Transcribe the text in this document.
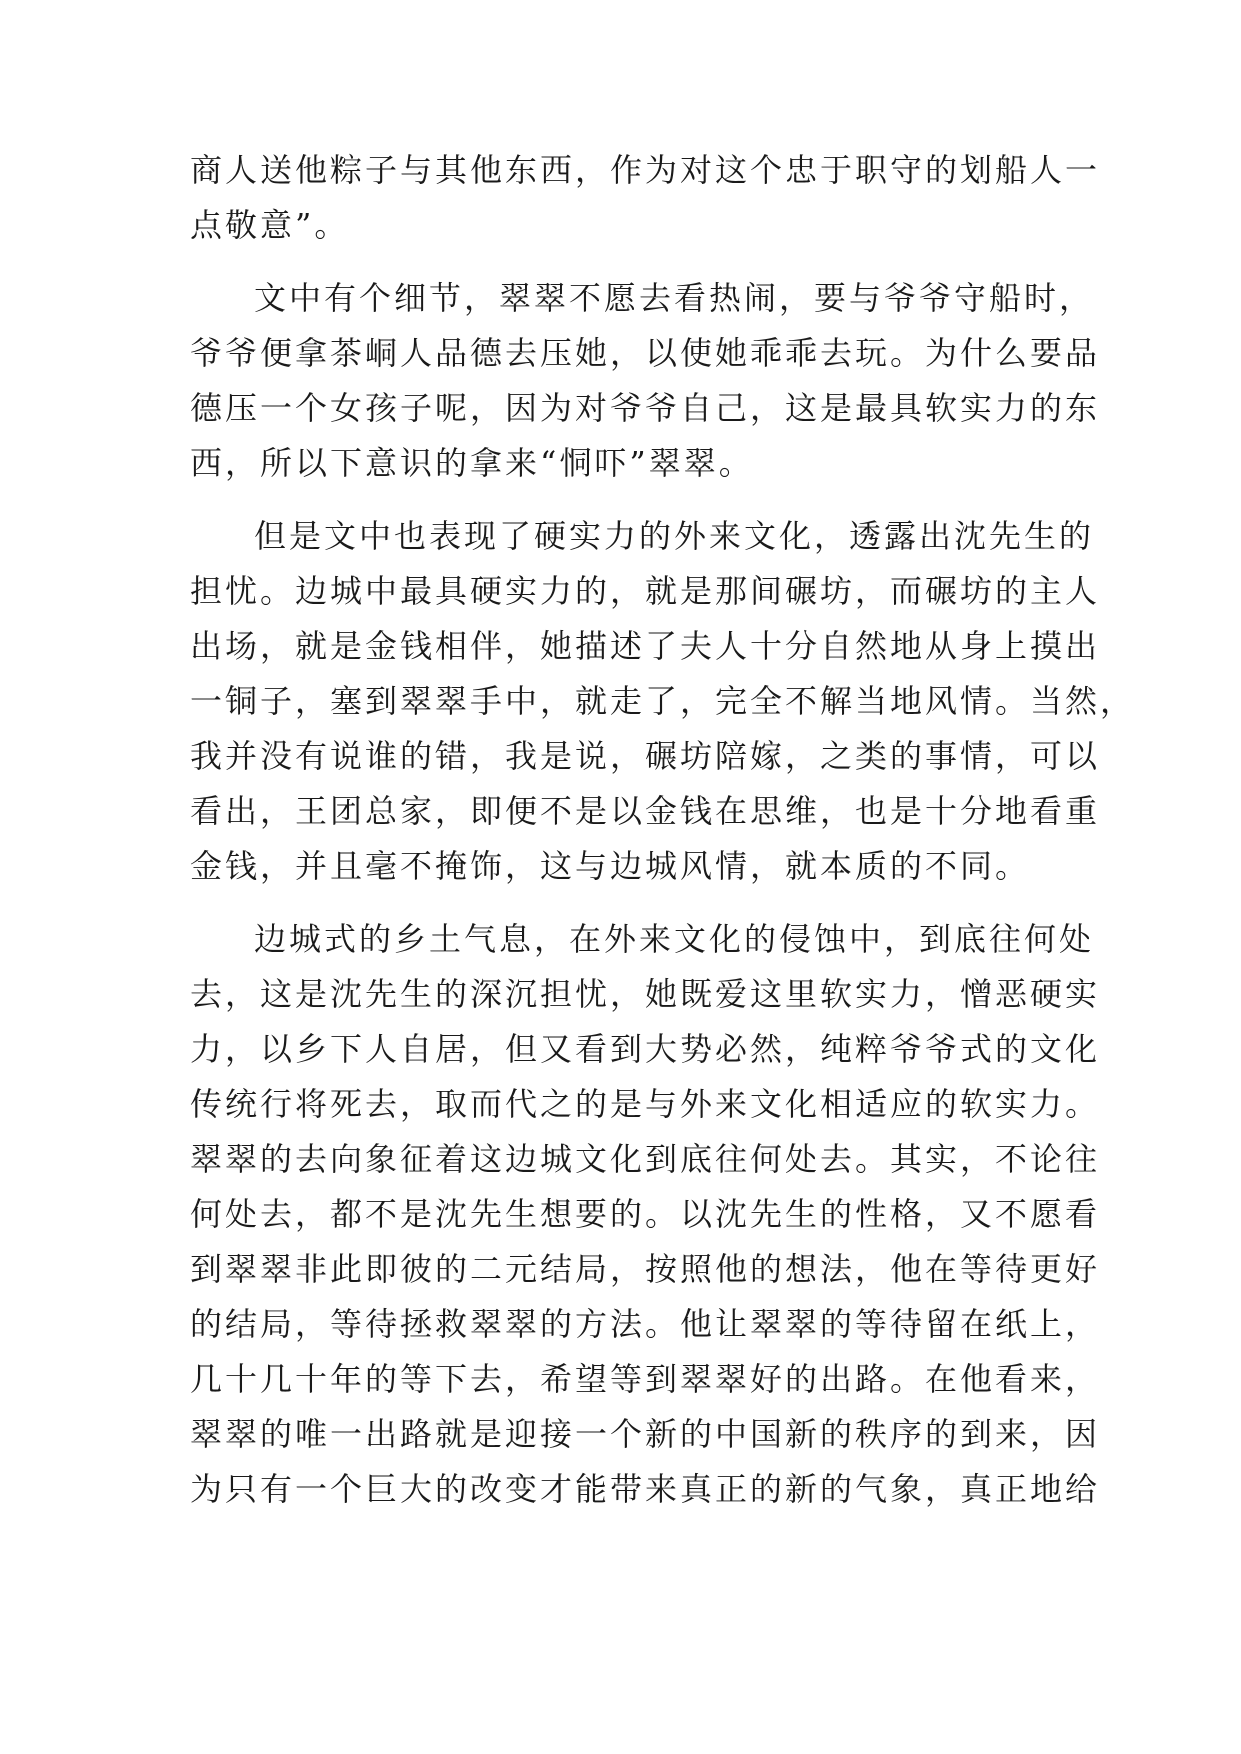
商人送他粽子与其他东西，作为对这个忠于职守的划船人一
点敬意”。
文中有个细节，翠翠不愿去看热闹，要与爷爷守船时，
爷爷便拿茶峒人品德去压她，以使她乖乖去玩。为什么要品
德压一个女孩子呢，因为对爷爷自己，这是最具软实力的东
西，所以下意识的拿来“恫吓”翠翠。
但是文中也表现了硬实力的外来文化，透露出沈先生的
担忧。边城中最具硬实力的，就是那间碾坊，而碾坊的主人
出场，就是金钱相伴，她描述了夫人十分自然地从身上摸出
一铜子，塞到翠翠手中，就走了，完全不解当地风情。当然，
我并没有说谁的错，我是说，碾坊陪嫁，之类的事情，可以
看出，王团总家，即便不是以金钱在思维，也是十分地看重
金钱，并且毫不掩饰，这与边城风情，就本质的不同。
边城式的乡土气息，在外来文化的侵蚀中，到底往何处
去，这是沈先生的深沉担忧，她既爱这里软实力，憎恶硬实
力，以乡下人自居，但又看到大势必然，纯粹爷爷式的文化
传统行将死去，取而代之的是与外来文化相适应的软实力。
翠翠的去向象征着这边城文化到底往何处去。其实，不论往
何处去，都不是沈先生想要的。以沈先生的性格，又不愿看
到翠翠非此即彼的二元结局，按照他的想法，他在等待更好
的结局，等待拯救翠翠的方法。他让翠翠的等待留在纸上，
几十几十年的等下去，希望等到翠翠好的出路。在他看来，
翠翠的唯一出路就是迎接一个新的中国新的秩序的到来，因
为只有一个巨大的改变才能带来真正的新的气象，真正地给
